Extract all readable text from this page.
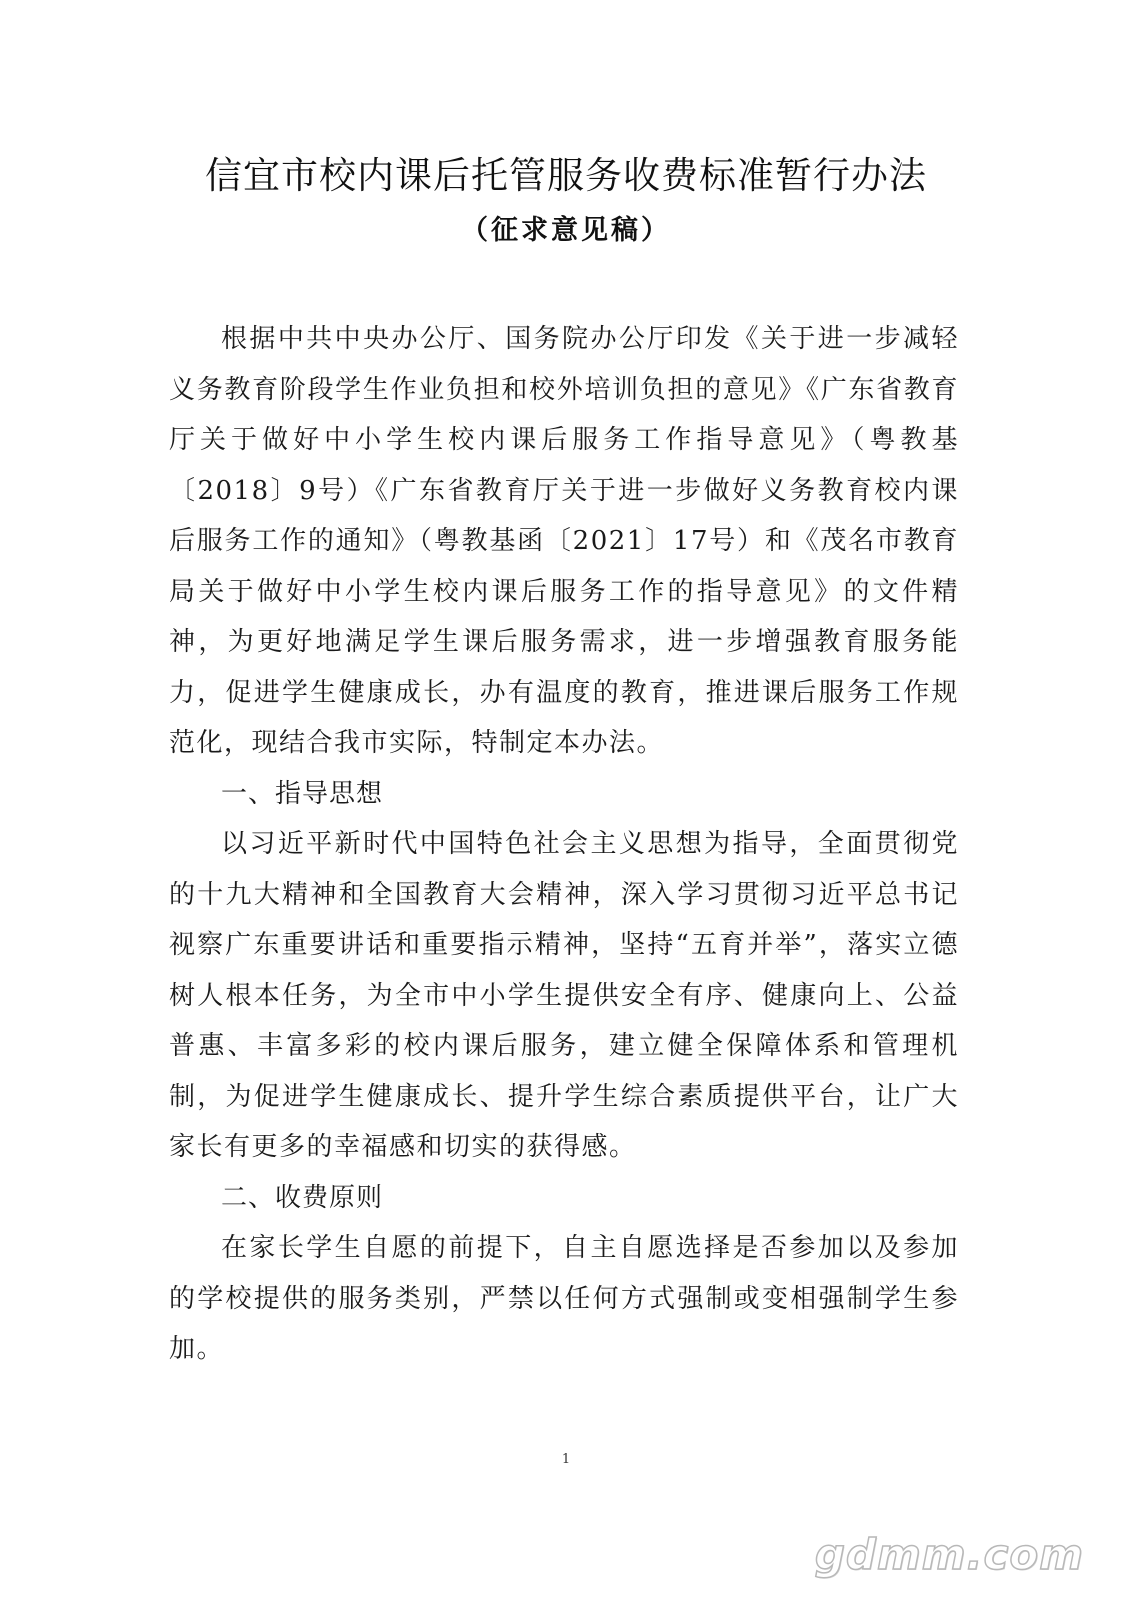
信宜市校内课后托管服务收费标准暂行办法
（征求意见稿）

根据中共中央办公厅、国务院办公厅印发《关于进一步减轻义务教育阶段学生作业负担和校外培训负担的意见》《广东省教育厅关于做好中小学生校内课后服务工作指导意见》（粤教基〔2018〕9号）《广东省教育厅关于进一步做好义务教育校内课后服务工作的通知》（粤教基函〔2021〕17号）和《茂名市教育局关于做好中小学生校内课后服务工作的指导意见》的文件精神，为更好地满足学生课后服务需求，进一步增强教育服务能力，促进学生健康成长，办有温度的教育，推进课后服务工作规范化，现结合我市实际，特制定本办法。

一、指导思想

以习近平新时代中国特色社会主义思想为指导，全面贯彻党的十九大精神和全国教育大会精神，深入学习贯彻习近平总书记视察广东重要讲话和重要指示精神，坚持“五育并举”，落实立德树人根本任务，为全市中小学生提供安全有序、健康向上、公益普惠、丰富多彩的校内课后服务，建立健全保障体系和管理机制，为促进学生健康成长、提升学生综合素质提供平台，让广大家长有更多的幸福感和切实的获得感。

二、收费原则

在家长学生自愿的前提下，自主自愿选择是否参加以及参加的学校提供的服务类别，严禁以任何方式强制或变相强制学生参加。

1
gdmm.com
